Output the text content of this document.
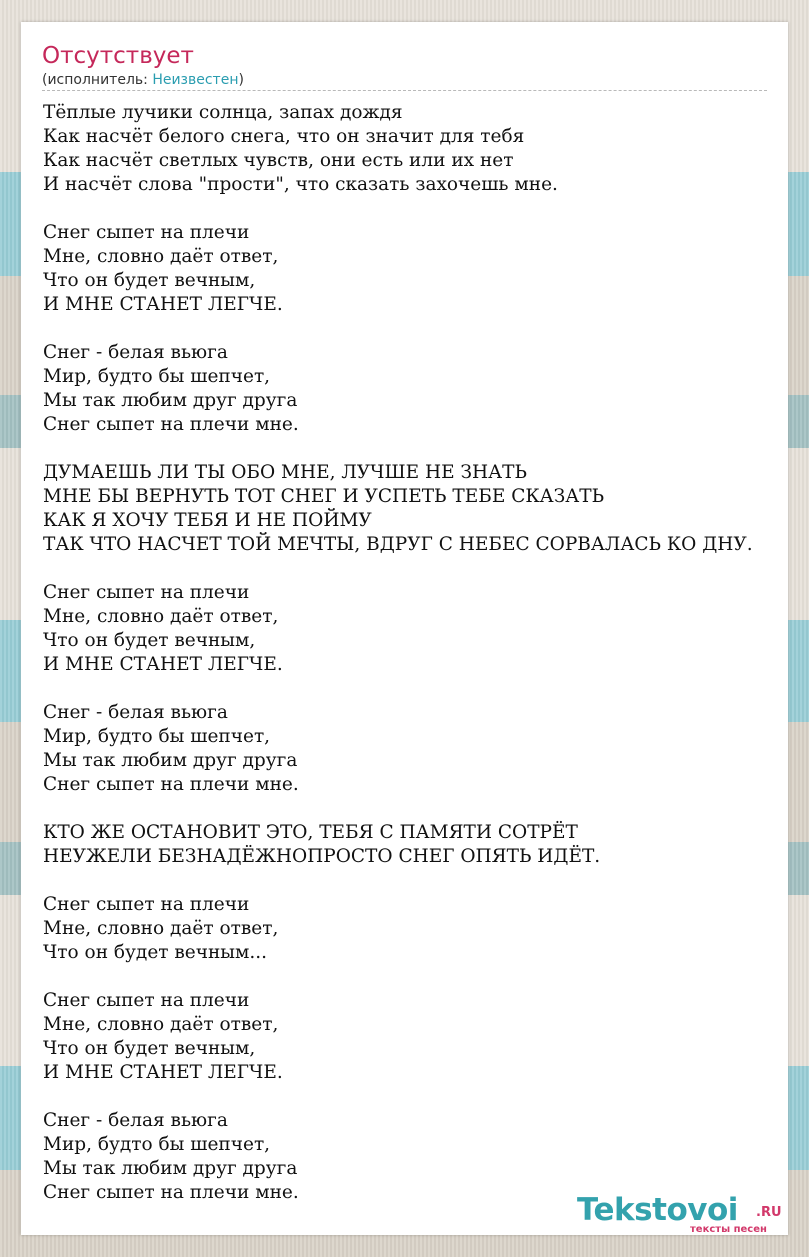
Отсутствует
(исполнитель: Неизвестен)
Тёплые лучики солнца, запах дождя
Как насчёт белого снега, что он значит для тебя
Как насчёт светлых чувств, они есть или их нет
И насчёт слова "прости", что сказать захочешь мне.
Снег сыпет на плечи
Мне, словно даёт ответ,
Что он будет вечным,
И МНЕ СТАНЕТ ЛЕГЧЕ.
Снег - белая вьюга
Мир, будто бы шепчет,
Мы так любим друг друга
Снег сыпет на плечи мне.
ДУМАЕШЬ ЛИ ТЫ ОБО МНЕ, ЛУЧШЕ НЕ ЗНАТЬ
МНЕ БЫ ВЕРНУТЬ ТОТ СНЕГ И УСПЕТЬ ТЕБЕ СКАЗАТЬ
КАК Я ХОЧУ ТЕБЯ И НЕ ПОЙМУ
ТАК ЧТО НАСЧЕТ ТОЙ МЕЧТЫ, ВДРУГ С НЕБЕС СОРВАЛАСЬ КО ДНУ.
Снег сыпет на плечи
Мне, словно даёт ответ,
Что он будет вечным,
И МНЕ СТАНЕТ ЛЕГЧЕ.
Снег - белая вьюга
Мир, будто бы шепчет,
Мы так любим друг друга
Снег сыпет на плечи мне.
КТО ЖЕ ОСТАНОВИТ ЭТО, ТЕБЯ С ПАМЯТИ СОТРЁТ
НЕУЖЕЛИ БЕЗНАДЁЖНОПРОСТО СНЕГ ОПЯТЬ ИДЁТ.
Снег сыпет на плечи
Мне, словно даёт ответ,
Что он будет вечным...
Снег сыпет на плечи
Мне, словно даёт ответ,
Что он будет вечным,
И МНЕ СТАНЕТ ЛЕГЧЕ.
Снег - белая вьюга
Мир, будто бы шепчет,
Мы так любим друг друга
Снег сыпет на плечи мне.	Tekstovoi .RU
тексты песен
